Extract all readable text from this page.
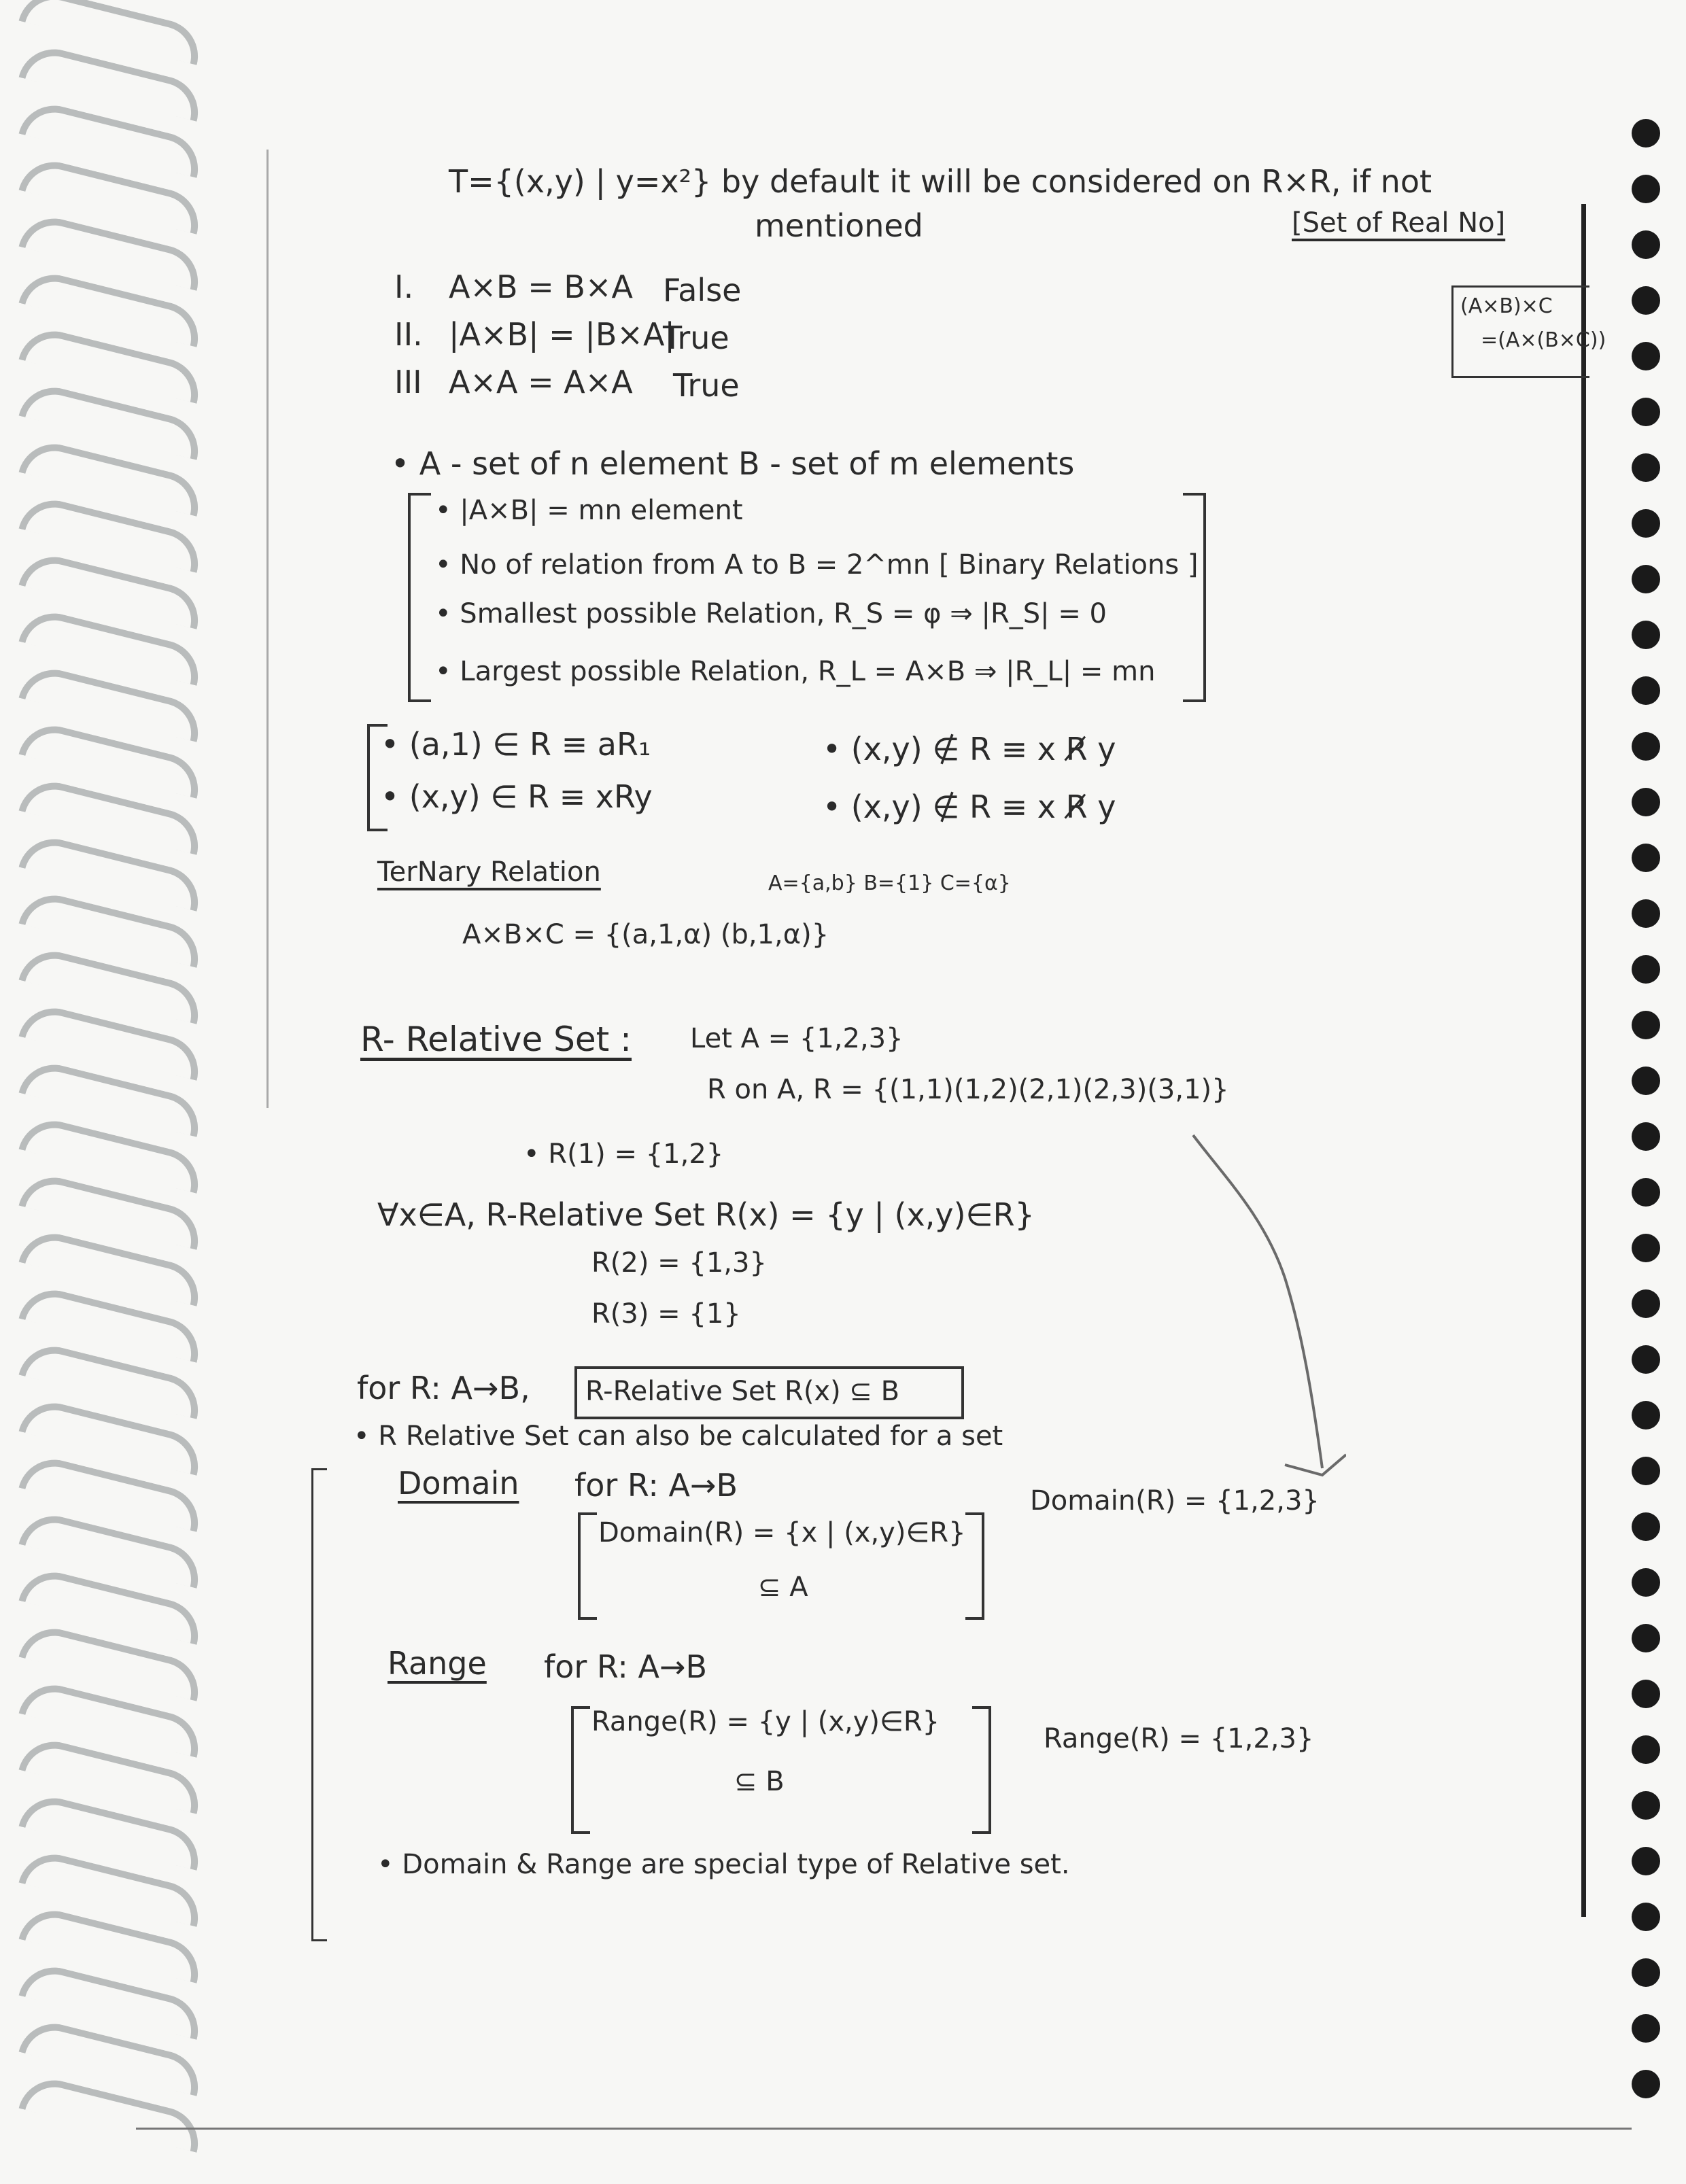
T={(x,y) | y=x²} by default it will be considered on R×R, if not
mentioned	[Set of Real No]
I. A×B = B×A False
II. |A×B| = |B×A|
True
III A×A = A×A True
(A×B)×C
=(A×(B×C))
• A - set of n element B - set of m elements
• |A×B| = mn element
• No of relation from A to B = 2^mn [ Binary Relations ]
• Smallest possible Relation, R_S = φ ⇒ |R_S| = 0
• Largest possible Relation, R_L = A×B ⇒ |R_L| = mn
• (a,1) ∈ R ≡ aR₁
• (x,y) ∈ R ≡ xRy
• (x,y) ∉ R ≡ x R̸ y
• (x,y) ∉ R ≡ x R̸ y
TerNary Relation	A={a,b} B={1} C={α}
A×B×C = {(a,1,α) (b,1,α)}
R- Relative Set : Let A = {1,2,3}
R on A, R = {(1,1)(1,2)(2,1)(2,3)(3,1)}
• R(1) = {1,2}
∀x∈A, R-Relative Set R(x) = {y | (x,y)∈R}
R(2) = {1,3}
R(3) = {1}
for R: A→B, R-Relative Set R(x) ⊆ B
• R Relative Set can also be calculated for a set
Domain for R: A→B
Domain(R) = {x | (x,y)∈R}
⊆ A
Domain(R) = {1,2,3}
Range for R: A→B
Range(R) = {y | (x,y)∈R}
⊆ B
Range(R) = {1,2,3}
• Domain & Range are special type of Relative set.
